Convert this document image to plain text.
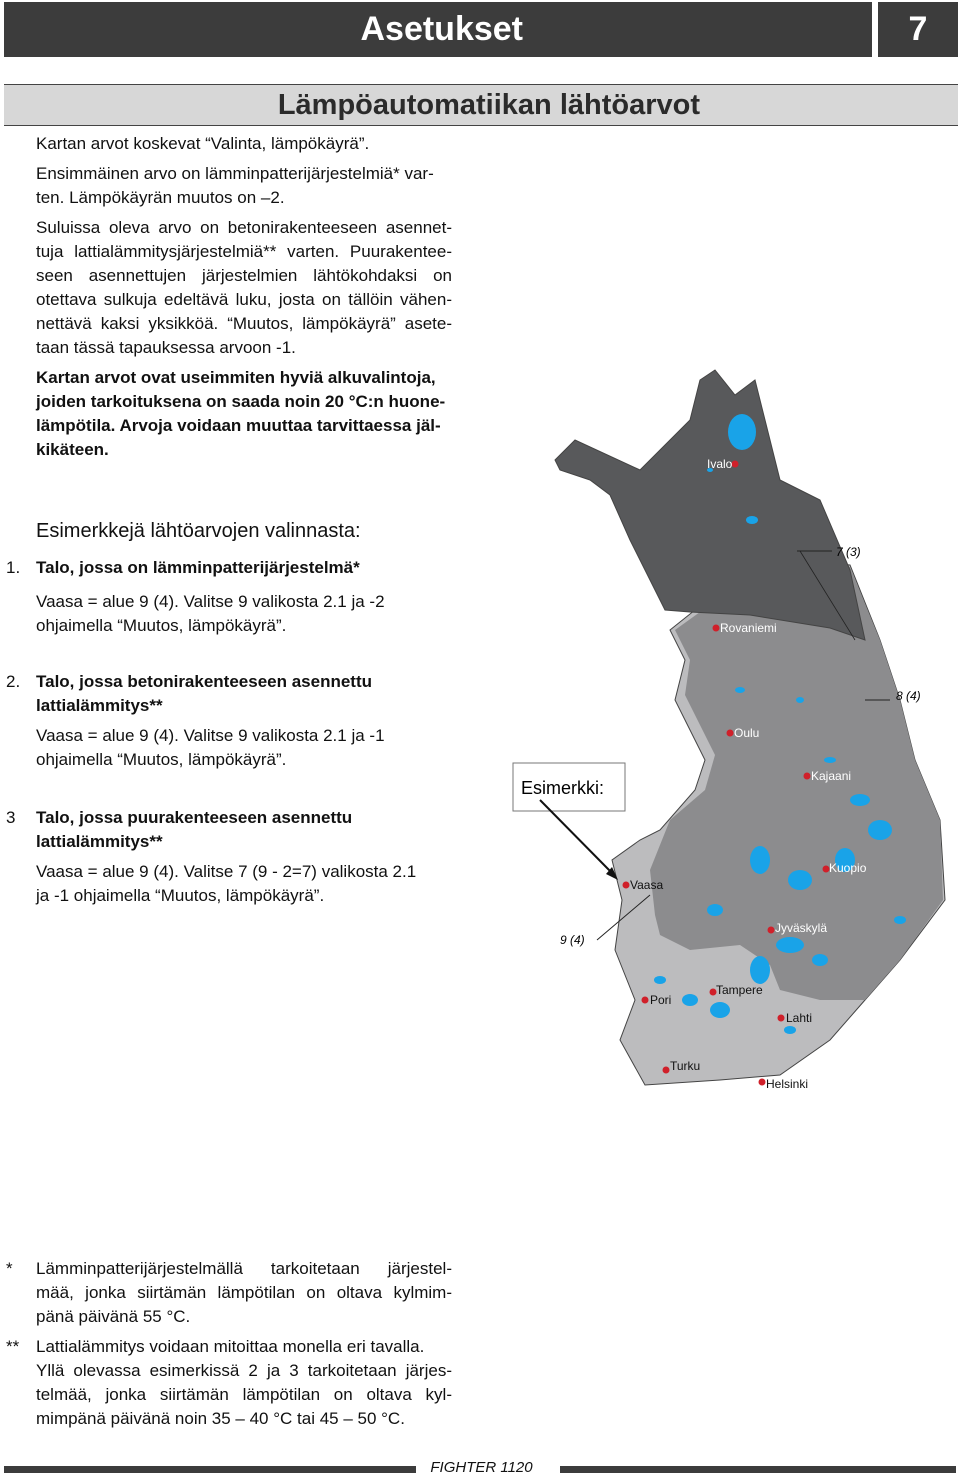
Asetukset	7
Lämpöautomatiikan lähtöarvot
Kartan arvot koskevat “Valinta, lämpökäyrä”.
Ensimmäinen arvo on lämminpatterijärjestelmiä* var-
ten. Lämpökäyrän muutos on –2.
Suluissa oleva arvo on betonirakenteeseen asennet-
tuja lattialämmitysjärjestelmiä** varten. Puurakentee-
seen asennettujen järjestelmien lähtökohdaksi on
otettava sulkuja edeltävä luku, josta on tällöin vähen-
nettävä kaksi yksikköä. “Muutos, lämpökäyrä” asete-
taan tässä tapauksessa arvoon -1.
Kartan arvot ovat useimmiten hyviä alkuvalintoja,
joiden tarkoituksena on saada noin 20 °C:n huone-
lämpötila. Arvoja voidaan muuttaa tarvittaessa jäl-
kikäteen.
Esimerkkejä lähtöarvojen valinnasta:
1. Talo, jossa on lämminpatterijärjestelmä*
Vaasa = alue 9 (4). Valitse 9 valikosta 2.1 ja -2
ohjaimella “Muutos, lämpökäyrä”.
2. Talo, jossa betonirakenteeseen asennettu
lattialämmitys**
Vaasa = alue 9 (4). Valitse 9 valikosta 2.1 ja -1
ohjaimella “Muutos, lämpökäyrä”.
3 Talo, jossa puurakenteeseen asennettu
lattialämmitys**
Vaasa = alue 9 (4). Valitse 7 (9 - 2=7) valikosta 2.1
ja -1 ohjaimella “Muutos, lämpökäyrä”.
Esimerkki:
7 (3)
8 (4)
9 (4)
Ivalo
Rovaniemi
Oulu
Kajaani
Kuopio
Vaasa
Jyväskylä
Pori
Tampere
Lahti
Turku
Helsinki
* Lämminpatterijärjestelmällä tarkoitetaan järjestel-
mää, jonka siirtämän lämpötilan on oltava kylmim-
pänä päivänä 55 °C.
** Lattialämmitys voidaan mitoittaa monella eri tavalla.
Yllä olevassa esimerkissä 2 ja 3 tarkoitetaan järjes-
telmää, jonka siirtämän lämpötilan on oltava kyl-
mimpänä päivänä noin 35 – 40 °C tai 45 – 50 °C.
FIGHTER 1120
